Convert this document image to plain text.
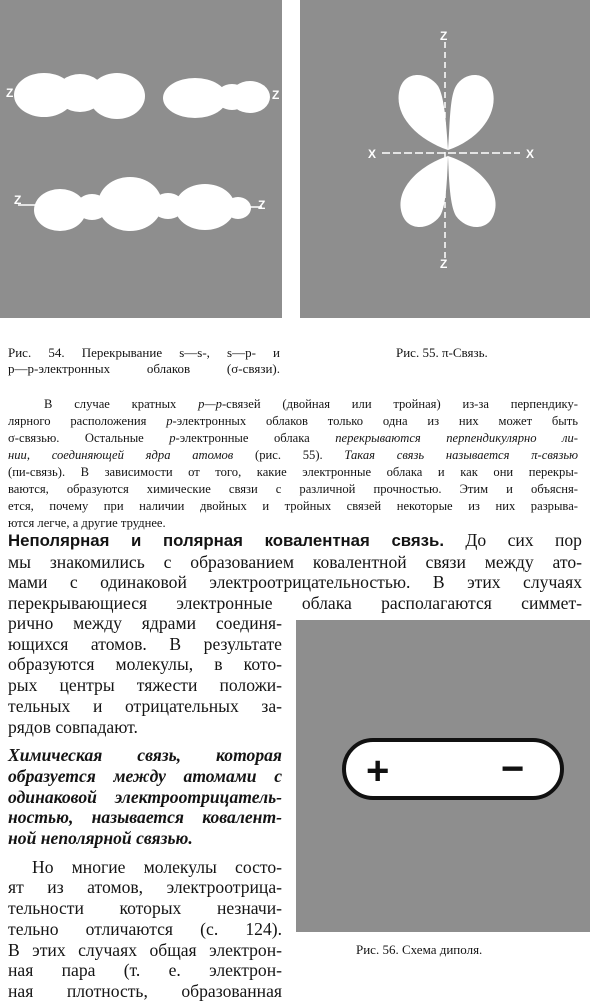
Z	Z
Z	Z
Z
Z
X	X
Рис. 54. Перекрывание s—s-, s—p- и
p—p-электронных облаков (σ-связи).
Рис. 55. π-Связь.
В случае кратных p—p-связей (двойная или тройная) из-за перпендику-
лярного расположения p-электронных облаков только одна из них может быть
σ-связью. Остальные p-электронные облака перекрываются перпендикулярно ли-
нии, соединяющей ядра атомов (рис. 55). Такая связь называется π-связью
(пи-связь). В зависимости от того, какие электронные облака и как они перекры-
ваются, образуются химические связи с различной прочностью. Этим и объясня-
ется, почему при наличии двойных и тройных связей некоторые из них разрыва-
ются легче, а другие труднее.
Неполярная и полярная ковалентная связь. До сих пор
мы знакомились с образованием ковалентной связи между ато-
мами с одинаковой электроотрицательностью. В этих случаях
перекрывающиеся электронные облака располагаются симмет-
рично между ядрами соединя-
ющихся атомов. В результате
образуются молекулы, в кото-
рых центры тяжести положи-
тельных и отрицательных за-
рядов совпадают.
Химическая связь, которая
образуется между атомами с
одинаковой электроотрицатель-
ностью, называется ковалент-
ной неполярной связью.
Но многие молекулы состо-
ят из атомов, электроотрица-
тельности которых незначи-
тельно отличаются (с. 124).
В этих случаях общая электрон-
ная пара (т. е. электрон-
ная плотность, образованная
+	−
Рис. 56. Схема диполя.
